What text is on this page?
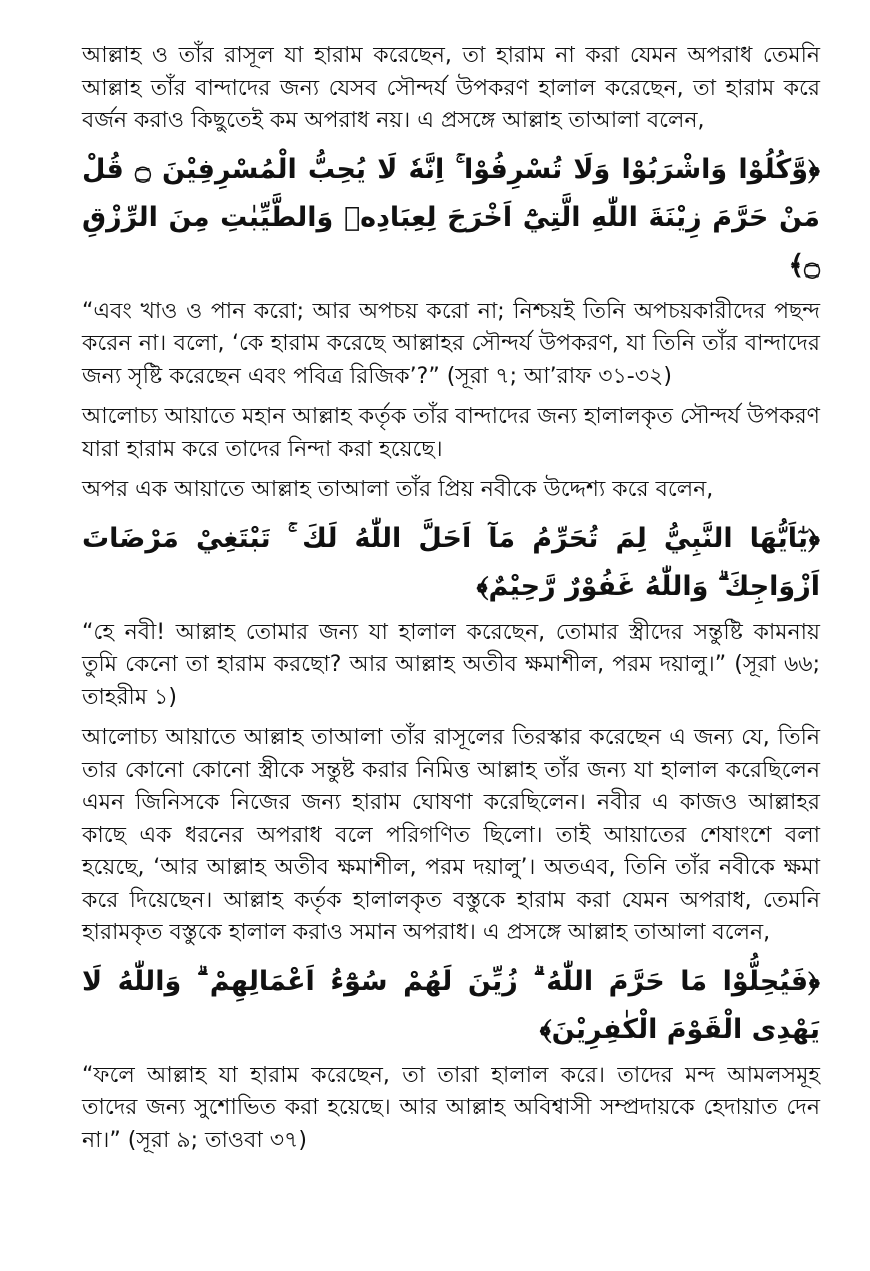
আল্লাহ ও তাঁর রাসূল যা হারাম করেছেন, তা হারাম না করা যেমন অপরাধ তেমনি আল্লাহ তাঁর বান্দাদের জন্য যেসব সৌন্দর্য উপকরণ হালাল করেছেন, তা হারাম করে বর্জন করাও কিছুতেই কম অপরাধ নয়। এ প্রসঙ্গে আল্লাহ তাআলা বলেন,

﴿وَّكُلُوْا وَاشْرَبُوْا وَلَا تُسْرِفُوْا ۚ اِنَّهٗ لَا يُحِبُّ الْمُسْرِفِيْنَ ۝ قُلْ مَنْ حَرَّمَ زِيْنَةَ اللّٰهِ الَّتِيْٓ اَخْرَجَ لِعِبَادِهٖ وَالطَّيِّبٰتِ مِنَ الرِّزْقِ ۝﴾

“এবং খাও ও পান করো; আর অপচয় করো না; নিশ্চয়ই তিনি অপচয়কারীদের পছন্দ করেন না। বলো, ‘কে হারাম করেছে আল্লাহর সৌন্দর্য উপকরণ, যা তিনি তাঁর বান্দাদের জন্য সৃষ্টি করেছেন এবং পবিত্র রিজিক’?” (সূরা ৭; আ’রাফ ৩১-৩২)

আলোচ্য আয়াতে মহান আল্লাহ কর্তৃক তাঁর বান্দাদের জন্য হালালকৃত সৌন্দর্য উপকরণ যারা হারাম করে তাদের নিন্দা করা হয়েছে।

অপর এক আয়াতে আল্লাহ তাআলা তাঁর প্রিয় নবীকে উদ্দেশ্য করে বলেন,

﴿يٰٓاَيُّهَا النَّبِيُّ لِمَ تُحَرِّمُ مَآ اَحَلَّ اللّٰهُ لَكَ ۚ تَبْتَغِيْ مَرْضَاتَ اَزْوَاجِكَ ۗ وَاللّٰهُ غَفُوْرٌ رَّحِيْمٌ﴾

“হে নবী! আল্লাহ তোমার জন্য যা হালাল করেছেন, তোমার স্ত্রীদের সন্তুষ্টি কামনায় তুমি কেনো তা হারাম করছো? আর আল্লাহ অতীব ক্ষমাশীল, পরম দয়ালু।” (সূরা ৬৬; তাহরীম ১)

আলোচ্য আয়াতে আল্লাহ তাআলা তাঁর রাসূলের তিরস্কার করেছেন এ জন্য যে, তিনি তার কোনো কোনো স্ত্রীকে সন্তুষ্ট করার নিমিত্ত আল্লাহ তাঁর জন্য যা হালাল করেছিলেন এমন জিনিসকে নিজের জন্য হারাম ঘোষণা করেছিলেন। নবীর এ কাজও আল্লাহর কাছে এক ধরনের অপরাধ বলে পরিগণিত ছিলো। তাই আয়াতের শেষাংশে বলা হয়েছে, ‘আর আল্লাহ অতীব ক্ষমাশীল, পরম দয়ালু’। অতএব, তিনি তাঁর নবীকে ক্ষমা করে দিয়েছেন। আল্লাহ কর্তৃক হালালকৃত বস্তুকে হারাম করা যেমন অপরাধ, তেমনি হারামকৃত বস্তুকে হালাল করাও সমান অপরাধ। এ প্রসঙ্গে আল্লাহ তাআলা বলেন,

﴿فَيُحِلُّوْا مَا حَرَّمَ اللّٰهُ ۗ زُيِّنَ لَهُمْ سُوْٓءُ اَعْمَالِهِمْ ۗ وَاللّٰهُ لَا يَهْدِى الْقَوْمَ الْكٰفِرِيْنَ﴾

“ফলে আল্লাহ যা হারাম করেছেন, তা তারা হালাল করে। তাদের মন্দ আমলসমূহ তাদের জন্য সুশোভিত করা হয়েছে। আর আল্লাহ অবিশ্বাসী সম্প্রদায়কে হেদায়াত দেন না।” (সূরা ৯; তাওবা ৩৭)
